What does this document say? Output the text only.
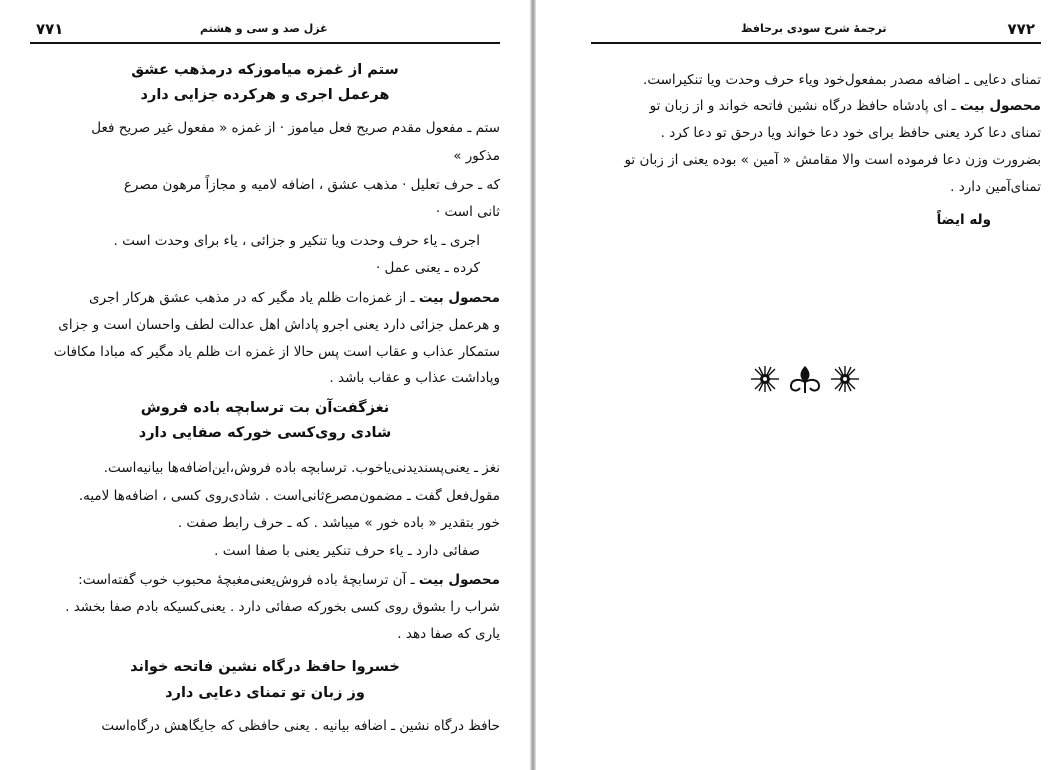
۷۷۱	غزل صد و سی و هشتم
ستم از غمزه میاموزکه درمذهب عشق
هرعمل اجری و هرکرده جزایی دارد
ستم ـ مفعول مقدم صریح فعل میاموز · از غمزه « مفعول غیر صریح فعل
مذکور »
که ـ حرف تعلیل · مذهب عشق ، اضافه لامیه و مجازاً مرهون مصرع
ثانی است ·
اجری ـ یاء حرف وحدت ویا تنکیر و جزائی ، یاء برای وحدت است .
کرده ـ یعنی عمل ·
محصول بیت ـ از غمزه‌ات ظلم یاد مگیر که در مذهب عشق هرکار اجری
و هرعمل جزائی دارد یعنی اجرو پاداش اهل عدالت لطف واحسان است و جزای
ستمکار عذاب و عقاب است پس حالا از غمزه ات ظلم یاد مگیر که مبادا مکافات
وپاداشت عذاب و عقاب باشد .
نغزگفت‌آن بت ترسابچه باده فروش
شادی روی‌کسی خورکه صفایی دارد
نغز ـ یعنی‌پسندیدنی‌یاخوب. ترسابچه باده فروش،این‌اضافه‌ها بیانیه‌است.
مقول‌فعل گفت ـ مضمون‌مصرع‌ثانی‌است . شادی‌روی کسی ، اضافه‌ها لامیه.
خور بتقدیر « باده خور » میباشد . که ـ حرف رابط صفت .
صفائی دارد ـ یاء حرف تنکیر یعنی با صفا است .
محصول بیت ـ آن ترسابچهٔ باده فروش‌یعنی‌مغبچهٔ محبوب خوب گفته‌است:
شراب را بشوق روی کسی بخورکه صفائی دارد . یعنی‌کسیکه بادم صفا بخشد .
یاری که صفا دهد .
خسروا حافظ درگاه نشین فاتحه خواند
وز زبان تو تمنای دعایی دارد
حافظ درگاه نشین ـ اضافه بیانیه . یعنی حافظی که جایگاهش درگاه‌است
ترجمهٔ شرح سودی برحافظ	۷۷۲
تمنای دعایی ـ اضافه مصدر بمفعول‌خود ویاء حرف وحدت ویا تنکیراست.
محصول بیت ـ ای پادشاه حافظ درگاه نشین فاتحه خواند و از زبان تو
تمنای دعا کرد یعنی حافظ برای خود دعا خواند ویا درحق تو دعا کرد .
بضرورت وزن دعا فرموده است والا مقامش « آمین » بوده یعنی از زبان تو
تمنای‌آمین دارد .
وله ایضاً
